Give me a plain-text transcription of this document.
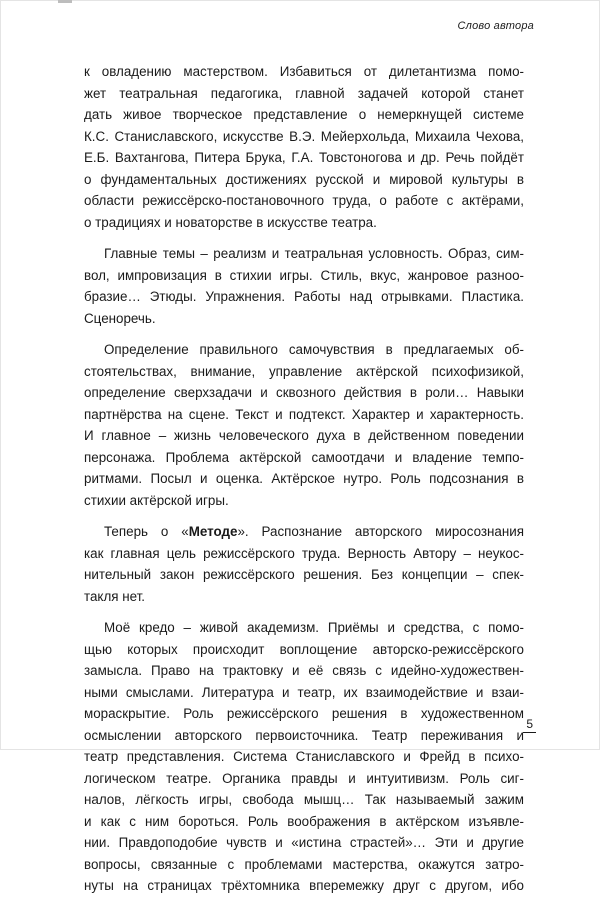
Слово автора

к овладению мастерством. Избавиться от дилетантизма помо-
жет театральная педагогика, главной задачей которой станет
дать живое творческое представление о немеркнущей системе
К.С. Станиславского, искусстве В.Э. Мейерхольда, Михаила Чехова,
Е.Б. Вахтангова, Питера Брука, Г.А. Товстоногова и др. Речь пойдёт
о фундаментальных достижениях русской и мировой культуры в
области режиссёрско-постановочного труда, о работе с актёрами,
о традициях и новаторстве в искусстве театра.

Главные темы – реализм и театральная условность. Образ, сим-
вол, импровизация в стихии игры. Стиль, вкус, жанровое разноо-
бразие… Этюды. Упражнения. Работы над отрывками. Пластика.
Сценоречь.

Определение правильного самочувствия в предлагаемых об-
стоятельствах, внимание, управление актёрской психофизикой,
определение сверхзадачи и сквозного действия в роли… Навыки
партнёрства на сцене. Текст и подтекст. Характер и характерность.
И главное – жизнь человеческого духа в действенном поведении
персонажа. Проблема актёрской самоотдачи и владение темпо-
ритмами. Посыл и оценка. Актёрское нутро. Роль подсознания в
стихии актёрской игры.

Теперь о «Методе». Распознание авторского миросознания
как главная цель режиссёрского труда. Верность Автору – неукос-
нительный закон режиссёрского решения. Без концепции – спек-
такля нет.

Моё кредо – живой академизм. Приёмы и средства, с помо-
щью которых происходит воплощение авторско-режиссёрского
замысла. Право на трактовку и её связь с идейно-художествен-
ными смыслами. Литература и театр, их взаимодействие и взаи-
мораскрытие. Роль режиссёрского решения в художественном
осмыслении авторского первоисточника. Театр переживания и
театр представления. Система Станиславского и Фрейд в психо-
логическом театре. Органика правды и интуитивизм. Роль сиг-
налов, лёгкость игры, свобода мышц… Так называемый зажим
и как с ним бороться. Роль воображения в актёрском изъявле-
нии. Правдоподобие чувств и «истина страстей»… Эти и другие
вопросы, связанные с проблемами мастерства, окажутся затро-
нуты на страницах трёхтомника вперемежку друг с другом, ибо

5
